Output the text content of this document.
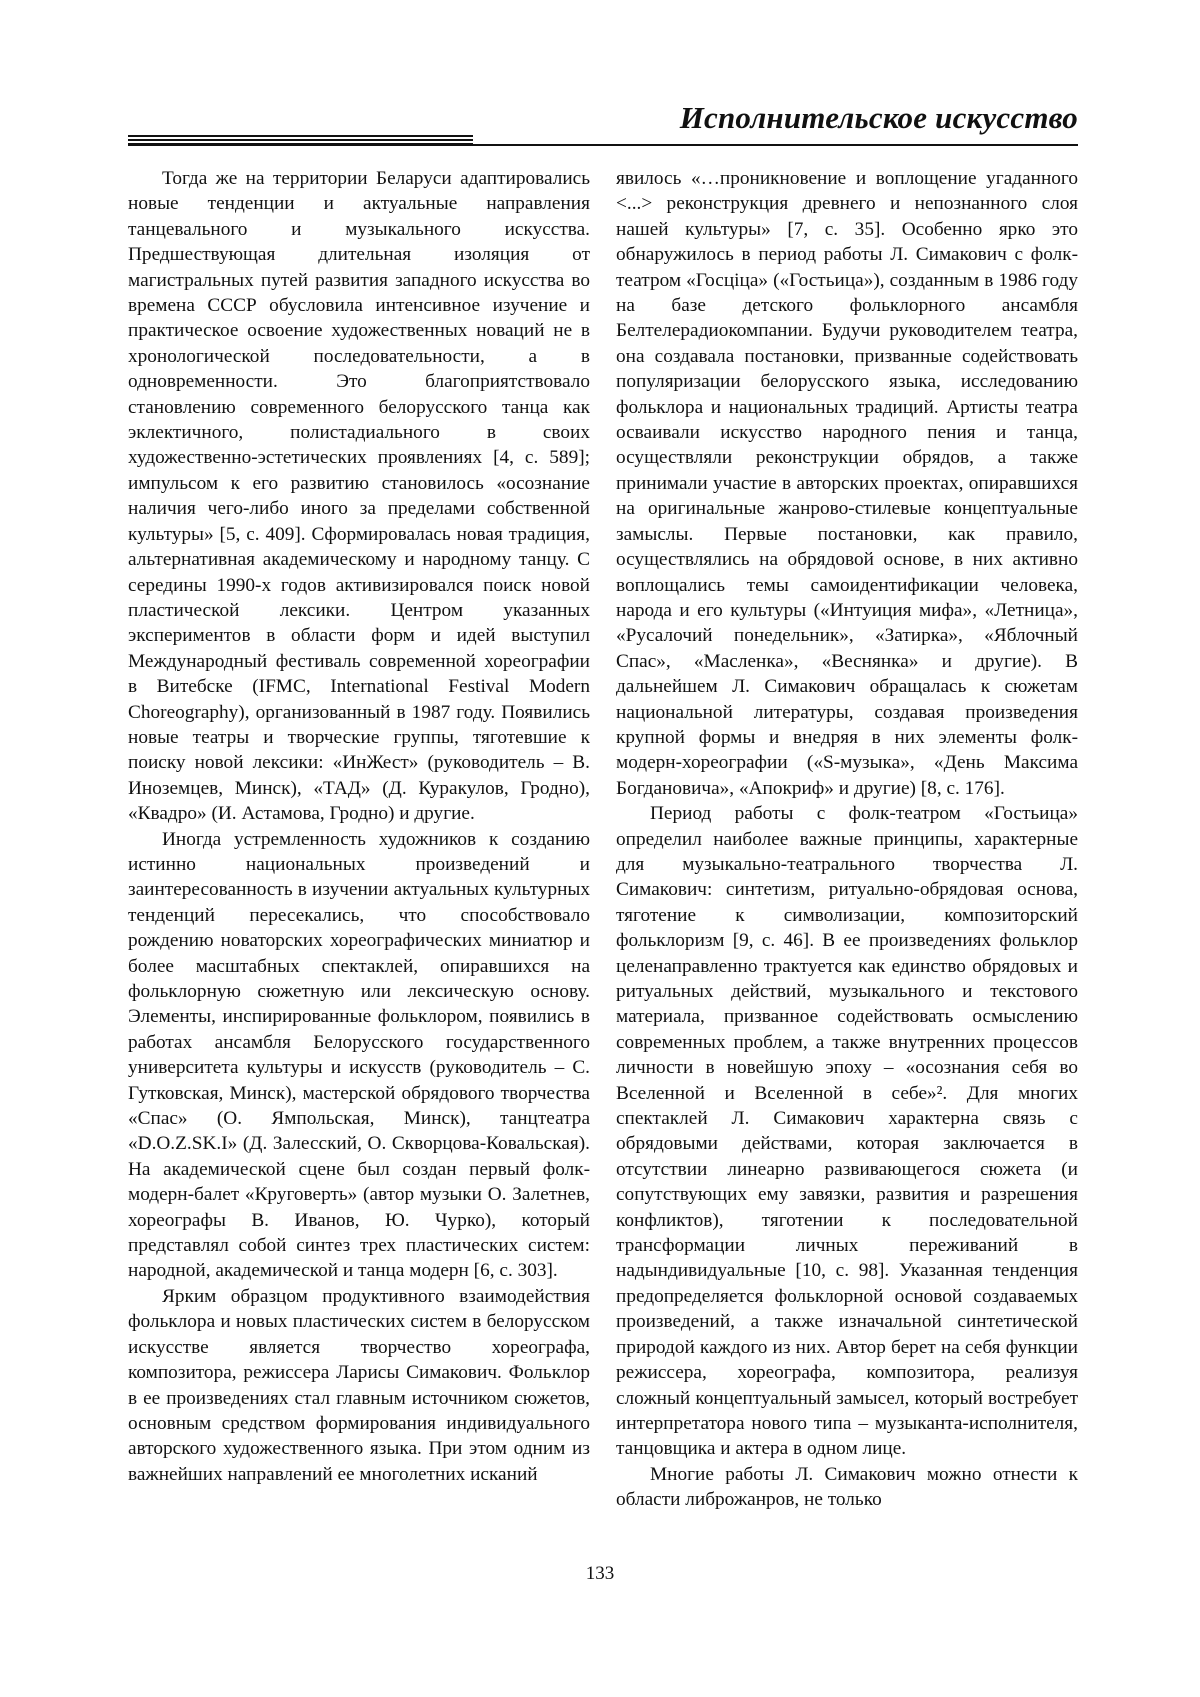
Исполнительское искусство

Тогда же на территории Беларуси адаптировались новые тенденции и актуальные направления танцевального и музыкального искусства. Предшествующая длительная изоляция от магистральных путей развития западного искусства во времена СССР обусловила интенсивное изучение и практическое освоение художественных новаций не в хронологической последовательности, а в одновременности. Это благоприятствовало становлению современного белорусского танца как эклектичного, полистадиального в своих художественно-эстетических проявлениях [4, с. 589]; импульсом к его развитию становилось «осознание наличия чего-либо иного за пределами собственной культуры» [5, с. 409]. Сформировалась новая традиция, альтернативная академическому и народному танцу. С середины 1990-х годов активизировался поиск новой пластической лексики. Центром указанных экспериментов в области форм и идей выступил Международный фестиваль современной хореографии в Витебске (IFMC, International Festival Modern Choreography), организованный в 1987 году. Появились новые театры и творческие группы, тяготевшие к поиску новой лексики: «ИнЖест» (руководитель – В. Иноземцев, Минск), «ТАД» (Д. Куракулов, Гродно), «Квадро» (И. Астамова, Гродно) и другие.

Иногда устремленность художников к созданию истинно национальных произведений и заинтересованность в изучении актуальных культурных тенденций пересекались, что способствовало рождению новаторских хореографических миниатюр и более масштабных спектаклей, опиравшихся на фольклорную сюжетную или лексическую основу. Элементы, инспирированные фольклором, появились в работах ансамбля Белорусского государственного университета культуры и искусств (руководитель – С. Гутковская, Минск), мастерской обрядового творчества «Спас» (О. Ямпольская, Минск), танцтеатра «D.O.Z.SK.I» (Д. Залесский, О. Скворцова-Ковальская). На академической сцене был создан первый фолк-модерн-балет «Круговерть» (автор музыки О. Залетнев, хореографы В. Иванов, Ю. Чурко), который представлял собой синтез трех пластических систем: народной, академической и танца модерн [6, с. 303].

Ярким образцом продуктивного взаимодействия фольклора и новых пластических систем в белорусском искусстве является творчество хореографа, композитора, режиссера Ларисы Симакович. Фольклор в ее произведениях стал главным источником сюжетов, основным средством формирования индивидуального авторского художественного языка. При этом одним из важнейших направлений ее многолетних исканий

явилось «…проникновение и воплощение угаданного <...> реконструкция древнего и непознанного слоя нашей культуры» [7, с. 35]. Особенно ярко это обнаружилось в период работы Л. Симакович с фолк-театром «Госціца» («Гостьица»), созданным в 1986 году на базе детского фольклорного ансамбля Белтелерадиокомпании. Будучи руководителем театра, она создавала постановки, призванные содействовать популяризации белорусского языка, исследованию фольклора и национальных традиций. Артисты театра осваивали искусство народного пения и танца, осуществляли реконструкции обрядов, а также принимали участие в авторских проектах, опиравшихся на оригинальные жанрово-стилевые концептуальные замыслы. Первые постановки, как правило, осуществлялись на обрядовой основе, в них активно воплощались темы самоидентификации человека, народа и его культуры («Интуиция мифа», «Летница», «Русалочий понедельник», «Затирка», «Яблочный Спас», «Масленка», «Веснянка» и другие). В дальнейшем Л. Симакович обращалась к сюжетам национальной литературы, создавая произведения крупной формы и внедряя в них элементы фолк-модерн-хореографии («S-музыка», «День Максима Богдановича», «Апокриф» и другие) [8, с. 176].

Период работы с фолк-театром «Гостьица» определил наиболее важные принципы, характерные для музыкально-театрального творчества Л. Симакович: синтетизм, ритуально-обрядовая основа, тяготение к символизации, композиторский фольклоризм [9, с. 46]. В ее произведениях фольклор целенаправленно трактуется как единство обрядовых и ритуальных действий, музыкального и текстового материала, призванное содействовать осмыслению современных проблем, а также внутренних процессов личности в новейшую эпоху – «осознания себя во Вселенной и Вселенной в себе»². Для многих спектаклей Л. Симакович характерна связь с обрядовыми действами, которая заключается в отсутствии линеарно развивающегося сюжета (и сопутствующих ему завязки, развития и разрешения конфликтов), тяготении к последовательной трансформации личных переживаний в надындивидуальные [10, с. 98]. Указанная тенденция предопределяется фольклорной основой создаваемых произведений, а также изначальной синтетической природой каждого из них. Автор берет на себя функции режиссера, хореографа, композитора, реализуя сложный концептуальный замысел, который востребует интерпретатора нового типа – музыканта-исполнителя, танцовщика и актера в одном лице.

Многие работы Л. Симакович можно отнести к области либрожанров, не только

133
